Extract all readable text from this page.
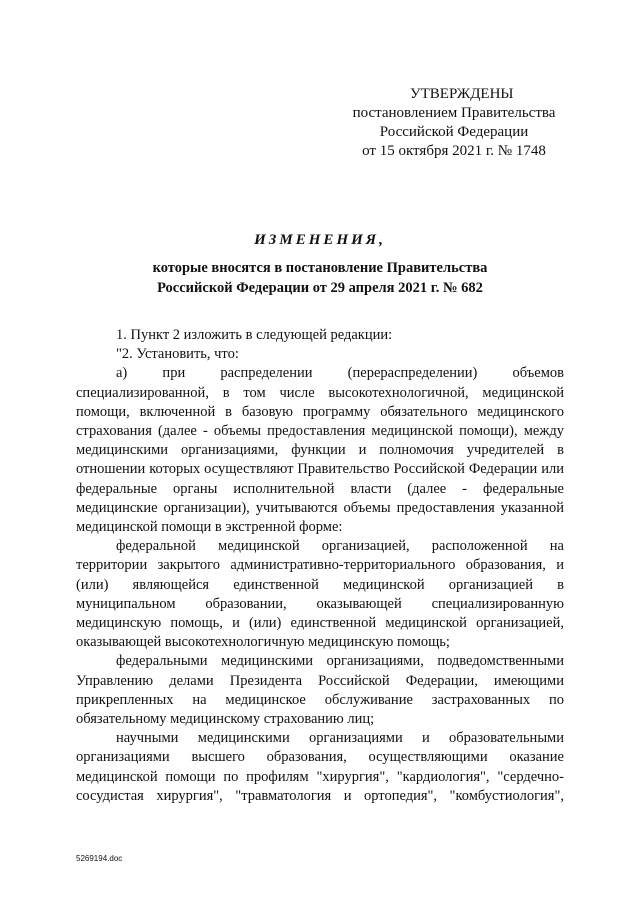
УТВЕРЖДЕНЫ
постановлением Правительства
Российской Федерации
от 15 октября 2021 г. № 1748
ИЗМЕНЕНИЯ,
которые вносятся в постановление Правительства
Российской Федерации от 29 апреля 2021 г. № 682

1. Пункт 2 изложить в следующей редакции:

"2. Установить, что:

а) при распределении (перераспределении) объемов специализированной, в том числе высокотехнологичной, медицинской помощи, включенной в базовую программу обязательного медицинского страхования (далее - объемы предоставления медицинской помощи), между медицинскими организациями, функции и полномочия учредителей в отношении которых осуществляют Правительство Российской Федерации или федеральные органы исполнительной власти (далее - федеральные медицинские организации), учитываются объемы предоставления указанной медицинской помощи в экстренной форме:

федеральной медицинской организацией, расположенной на территории закрытого административно-территориального образования, и (или) являющейся единственной медицинской организацией в муниципальном образовании, оказывающей специализированную медицинскую помощь, и (или) единственной медицинской организацией, оказывающей высокотехнологичную медицинскую помощь;

федеральными медицинскими организациями, подведомственными Управлению делами Президента Российской Федерации, имеющими прикрепленных на медицинское обслуживание застрахованных по обязательному медицинскому страхованию лиц;

научными медицинскими организациями и образовательными организациями высшего образования, осуществляющими оказание медицинской помощи по профилям "хирургия", "кардиология", "сердечно-сосудистая хирургия", "травматология и ортопедия", "комбустиология",

5269194.doc
